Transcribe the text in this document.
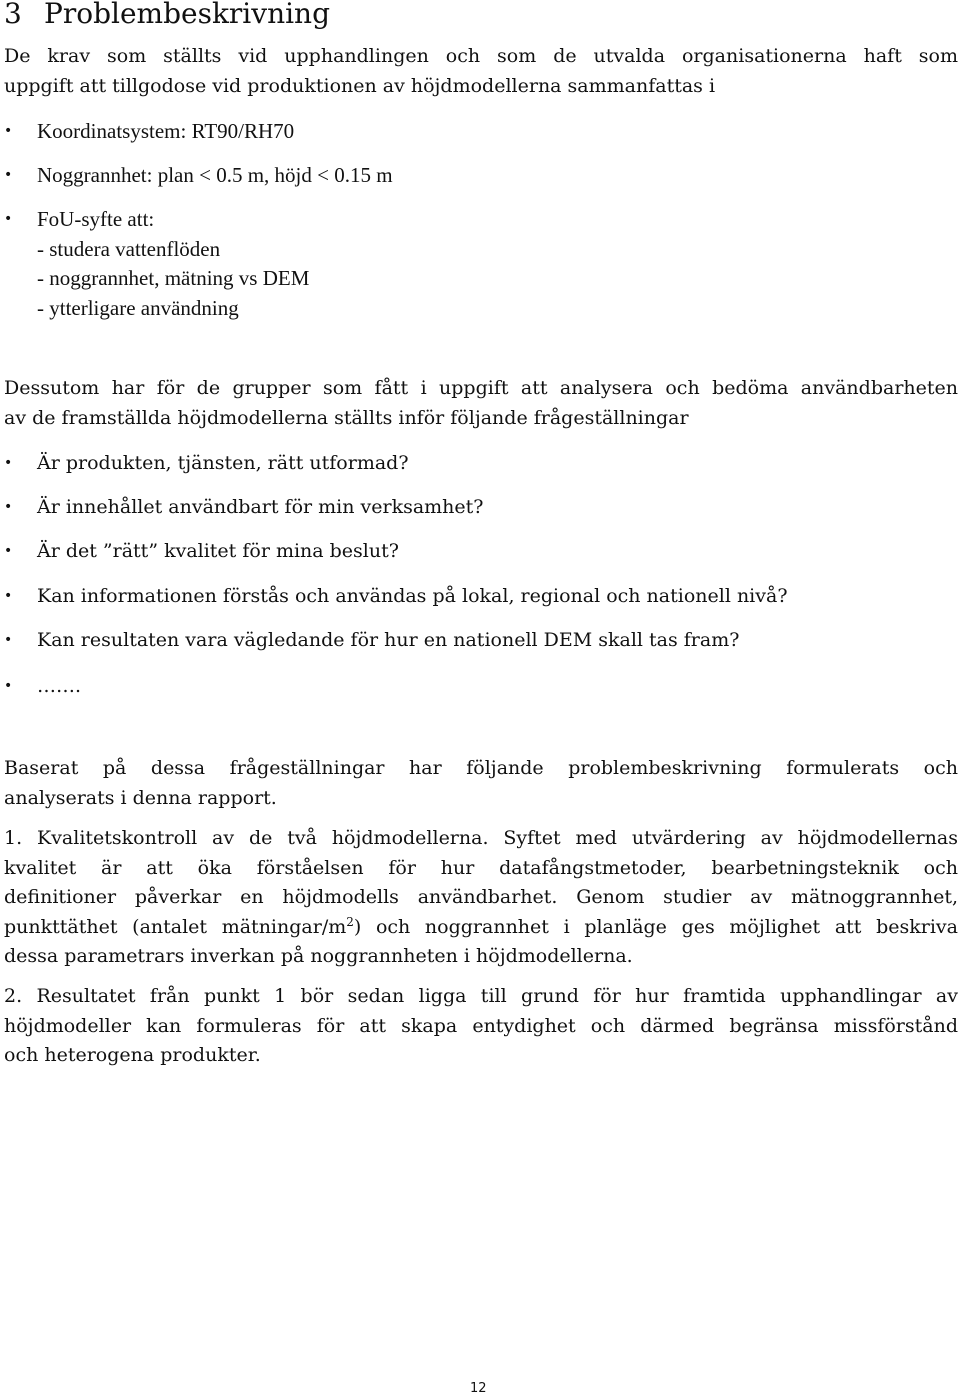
3 Problembeskrivning
De krav som ställts vid upphandlingen och som de utvalda organisationerna haft som
uppgift att tillgodose vid produktionen av höjdmodellerna sammanfattas i
•	Koordinatsystem: RT90/RH70
•	Noggrannhet: plan < 0.5 m, höjd < 0.15 m
•	FoU-syfte att:
- studera vattenflöden
- noggrannhet, mätning vs DEM
- ytterligare användning
Dessutom har för de grupper som fått i uppgift att analysera och bedöma användbarheten
av de framställda höjdmodellerna ställts inför följande frågeställningar
•	Är produkten, tjänsten, rätt utformad?
•	Är innehållet användbart för min verksamhet?
•	Är det ”rätt” kvalitet för mina beslut?
•	Kan informationen förstås och användas på lokal, regional och nationell nivå?
•	Kan resultaten vara vägledande för hur en nationell DEM skall tas fram?
•	…….
Baserat på dessa frågeställningar har följande problembeskrivning formulerats och
analyserats i denna rapport.
1. Kvalitetskontroll av de två höjdmodellerna. Syftet med utvärdering av höjdmodellernas
kvalitet är att öka förståelsen för hur datafångstmetoder, bearbetningsteknik och
definitioner påverkar en höjdmodells användbarhet. Genom studier av mätnoggrannhet,
punkttäthet (antalet mätningar/$m^2$) och noggrannhet i planläge ges möjlighet att beskriva
dessa parametrars inverkan på noggrannheten i höjdmodellerna.
2. Resultatet från punkt 1 bör sedan ligga till grund för hur framtida upphandlingar av
höjdmodeller kan formuleras för att skapa entydighet och därmed begränsa missförstånd
och heterogena produkter.
12
